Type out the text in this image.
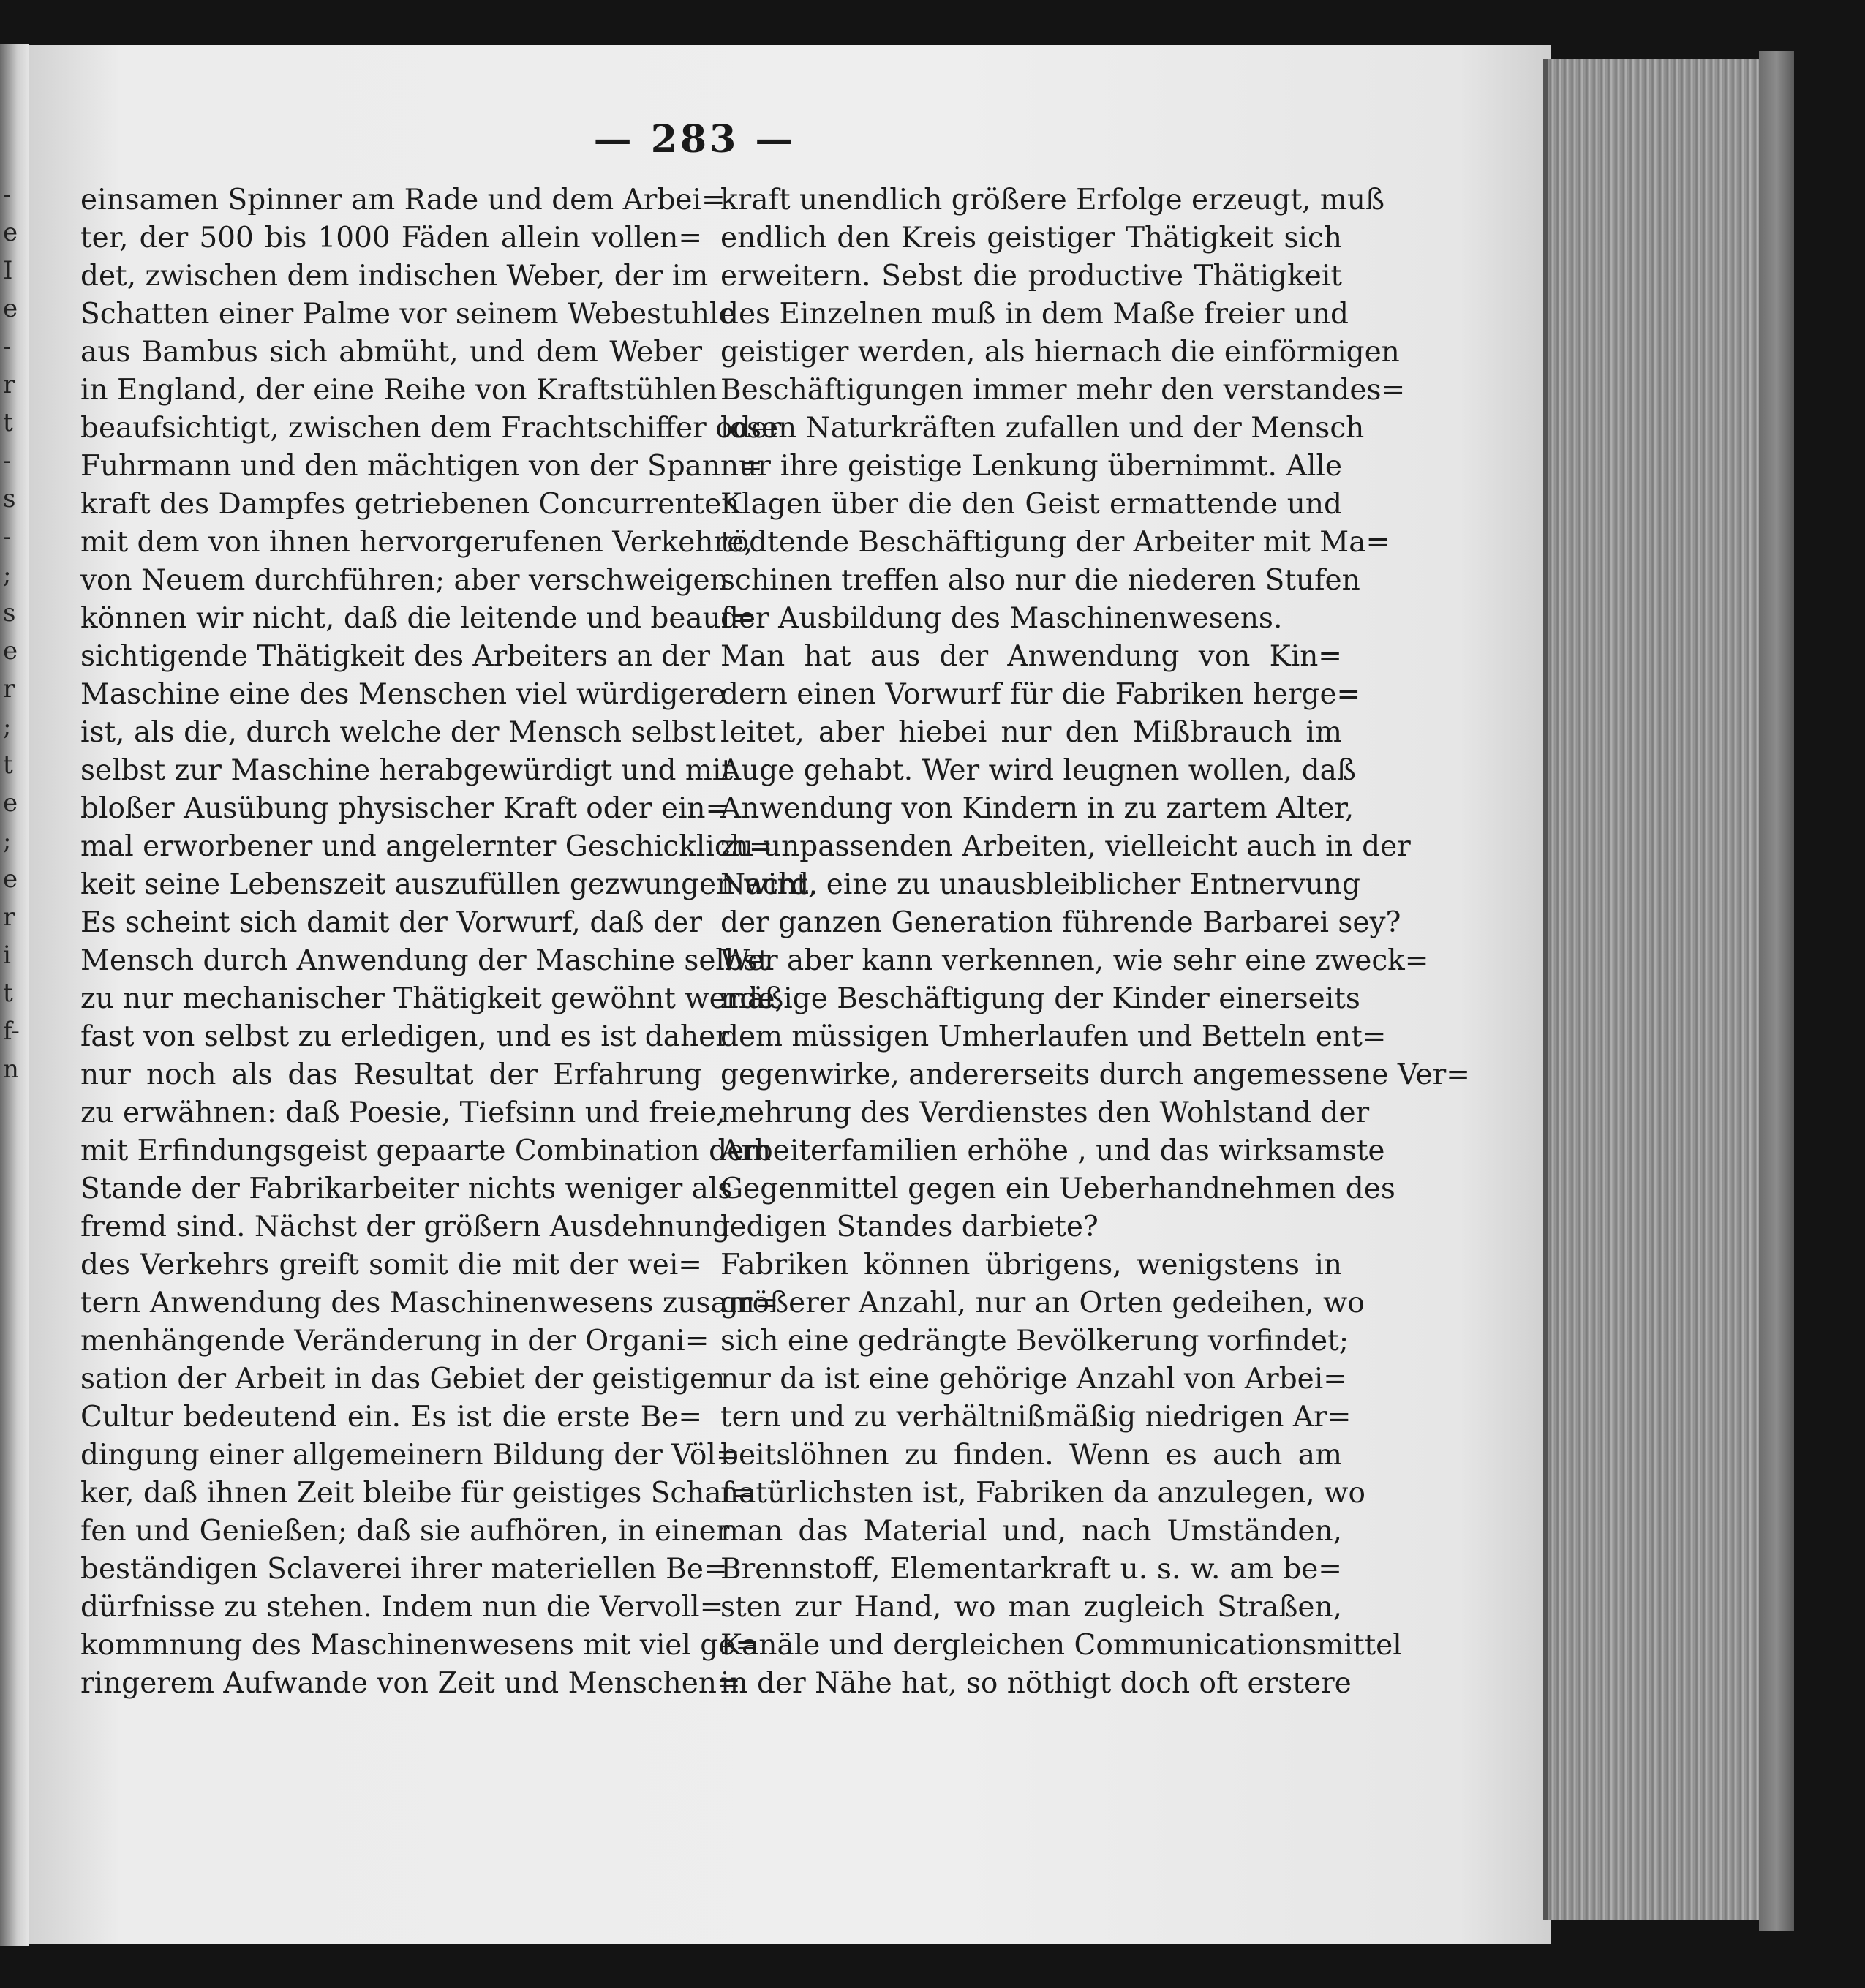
-
e
I
e
-
r
t
-
s
-
;
s
e
r
;
t
e
;
e
r
i
t
f-
n
— 283 —
einsamen Spinner am Rade und dem Arbei=
ter, der 500 bis 1000 Fäden allein vollen=
det, zwischen dem indischen Weber, der im
Schatten einer Palme vor seinem Webestuhle
aus Bambus sich abmüht, und dem Weber
in England, der eine Reihe von Kraftstühlen
beaufsichtigt, zwischen dem Frachtschiffer oder
Fuhrmann und den mächtigen von der Spann=
kraft des Dampfes getriebenen Concurrenten
mit dem von ihnen hervorgerufenen Verkehre,
von Neuem durchführen; aber verschweigen
können wir nicht, daß die leitende und beauf=
sichtigende Thätigkeit des Arbeiters an der
Maschine eine des Menschen viel würdigere
ist, als die, durch welche der Mensch selbst
selbst zur Maschine herabgewürdigt und mit
bloßer Ausübung physischer Kraft oder ein=
mal erworbener und angelernter Geschicklich=
keit seine Lebenszeit auszufüllen gezwungen wird.
Es scheint sich damit der Vorwurf, daß der
Mensch durch Anwendung der Maschine selbst
zu nur mechanischer Thätigkeit gewöhnt werde,
fast von selbst zu erledigen, und es ist daher
nur noch als das Resultat der Erfahrung
zu erwähnen: daß Poesie, Tiefsinn und freie,
mit Erfindungsgeist gepaarte Combination dem
Stande der Fabrikarbeiter nichts weniger als
fremd sind. Nächst der größern Ausdehnung
des Verkehrs greift somit die mit der wei=
tern Anwendung des Maschinenwesens zusam=
menhängende Veränderung in der Organi=
sation der Arbeit in das Gebiet der geistigen
Cultur bedeutend ein. Es ist die erste Be=
dingung einer allgemeinern Bildung der Völ=
ker, daß ihnen Zeit bleibe für geistiges Schaf=
fen und Genießen; daß sie aufhören, in einer
beständigen Sclaverei ihrer materiellen Be=
dürfnisse zu stehen. Indem nun die Vervoll=
kommnung des Maschinenwesens mit viel ge=
ringerem Aufwande von Zeit und Menschen=
kraft unendlich größere Erfolge erzeugt, muß
endlich den Kreis geistiger Thätigkeit sich
erweitern. Sebst die productive Thätigkeit
des Einzelnen muß in dem Maße freier und
geistiger werden, als hiernach die einförmigen
Beschäftigungen immer mehr den verstandes=
losen Naturkräften zufallen und der Mensch
nur ihre geistige Lenkung übernimmt. Alle
Klagen über die den Geist ermattende und
tödtende Beschäftigung der Arbeiter mit Ma=
schinen treffen also nur die niederen Stufen
der Ausbildung des Maschinenwesens.
Man hat aus der Anwendung von Kin=
dern einen Vorwurf für die Fabriken herge=
leitet, aber hiebei nur den Mißbrauch im
Auge gehabt. Wer wird leugnen wollen, daß
Anwendung von Kindern in zu zartem Alter,
zu unpassenden Arbeiten, vielleicht auch in der
Nacht, eine zu unausbleiblicher Entnervung
der ganzen Generation führende Barbarei sey?
Wer aber kann verkennen, wie sehr eine zweck=
mäßige Beschäftigung der Kinder einerseits
dem müssigen Umherlaufen und Betteln ent=
gegenwirke, andererseits durch angemessene Ver=
mehrung des Verdienstes den Wohlstand der
Arbeiterfamilien erhöhe , und das wirksamste
Gegenmittel gegen ein Ueberhandnehmen des
ledigen Standes darbiete?
Fabriken können übrigens, wenigstens in
größerer Anzahl, nur an Orten gedeihen, wo
sich eine gedrängte Bevölkerung vorfindet;
nur da ist eine gehörige Anzahl von Arbei=
tern und zu verhältnißmäßig niedrigen Ar=
beitslöhnen zu finden. Wenn es auch am
natürlichsten ist, Fabriken da anzulegen, wo
man das Material und, nach Umständen,
Brennstoff, Elementarkraft u. s. w. am be=
sten zur Hand, wo man zugleich Straßen,
Kanäle und dergleichen Communicationsmittel
in der Nähe hat, so nöthigt doch oft erstere
